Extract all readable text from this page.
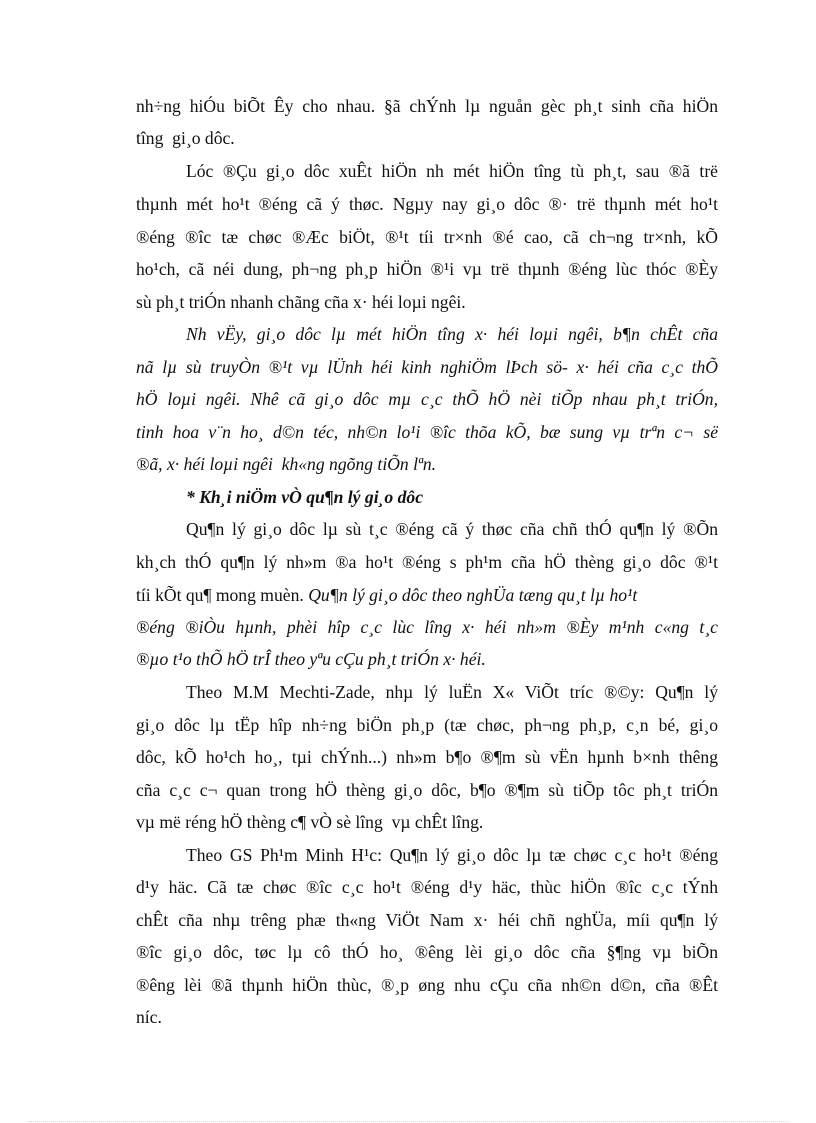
nh÷ng hiÓu biÕt Êy cho nhau. §ã chÝnh lµ nguån gèc ph¸t sinh cña hiÖn
tîng  gi¸o dôc.
Lóc ®Çu gi¸o dôc xuÊt hiÖn nh mét hiÖn tîng tù ph¸t, sau ®ã trë
thµnh mét ho¹t ®éng cã ý thøc. Ngµy nay gi¸o dôc ®· trë thµnh mét ho¹t
®éng ®îc tæ chøc ®Æc biÖt, ®¹t tíi tr×nh ®é cao, cã ch¬ng tr×nh, kÕ
ho¹ch, cã néi dung, ph¬ng ph¸p hiÖn ®¹i vµ trë thµnh ®éng lùc thóc ®Èy
sù ph¸t triÓn nhanh chãng cña x· héi loµi ngêi.
Nh vËy, gi¸o dôc lµ mét hiÖn tîng x· héi loµi ngêi, b¶n chÊt cña
nã lµ sù truyÒn ®¹t vµ lÜnh héi kinh nghiÖm lÞch sö- x· héi cña c¸c thÕ
hÖ loµi ngêi. Nhê cã gi¸o dôc mµ c¸c thÕ hÖ nèi tiÕp nhau ph¸t triÓn,
tinh hoa v¨n ho¸ d©n téc, nh©n lo¹i ®îc thõa kÕ, bæ sung vµ trªn c¬ së
®ã, x· héi loµi ngêi  kh«ng ngõng tiÕn lªn.
* Kh¸i niÖm vÒ qu¶n lý gi¸o dôc
Qu¶n lý gi¸o dôc lµ sù t¸c ®éng cã ý thøc cña chñ thÓ qu¶n lý ®Õn
kh¸ch thÓ qu¶n lý nh»m ®a ho¹t ®éng s ph¹m cña hÖ thèng gi¸o dôc ®¹t
tíi kÕt qu¶ mong muèn. Qu¶n lý gi¸o dôc theo nghÜa tæng qu¸t lµ ho¹t
®éng ®iÒu hµnh, phèi hîp c¸c lùc lîng x· héi nh»m ®Èy m¹nh c«ng t¸c
®µo t¹o thÕ hÖ trÎ theo yªu cÇu ph¸t triÓn x· héi.
Theo M.M Mechti-Zade, nhµ lý luËn X« ViÕt tríc ®©y: Qu¶n lý
gi¸o dôc lµ tËp hîp nh÷ng biÖn ph¸p (tæ chøc, ph¬ng ph¸p, c¸n bé, gi¸o
dôc, kÕ ho¹ch ho¸, tµi chÝnh...) nh»m b¶o ®¶m sù vËn hµnh b×nh thêng
cña c¸c c¬ quan trong hÖ thèng gi¸o dôc, b¶o ®¶m sù tiÕp tôc ph¸t triÓn
vµ më réng hÖ thèng c¶ vÒ sè lîng  vµ chÊt lîng.
Theo GS Ph¹m Minh H¹c: Qu¶n lý gi¸o dôc lµ tæ chøc c¸c ho¹t ®éng
d¹y häc. Cã tæ chøc ®îc c¸c ho¹t ®éng d¹y häc, thùc hiÖn ®îc c¸c tÝnh
chÊt cña nhµ trêng phæ th«ng ViÖt Nam x· héi chñ nghÜa, míi qu¶n lý
®îc gi¸o dôc, tøc lµ cô thÓ ho¸ ®êng lèi gi¸o dôc cña §¶ng vµ biÕn
®êng lèi ®ã thµnh hiÖn thùc, ®¸p øng nhu cÇu cña nh©n d©n, cña ®Êt
níc.
